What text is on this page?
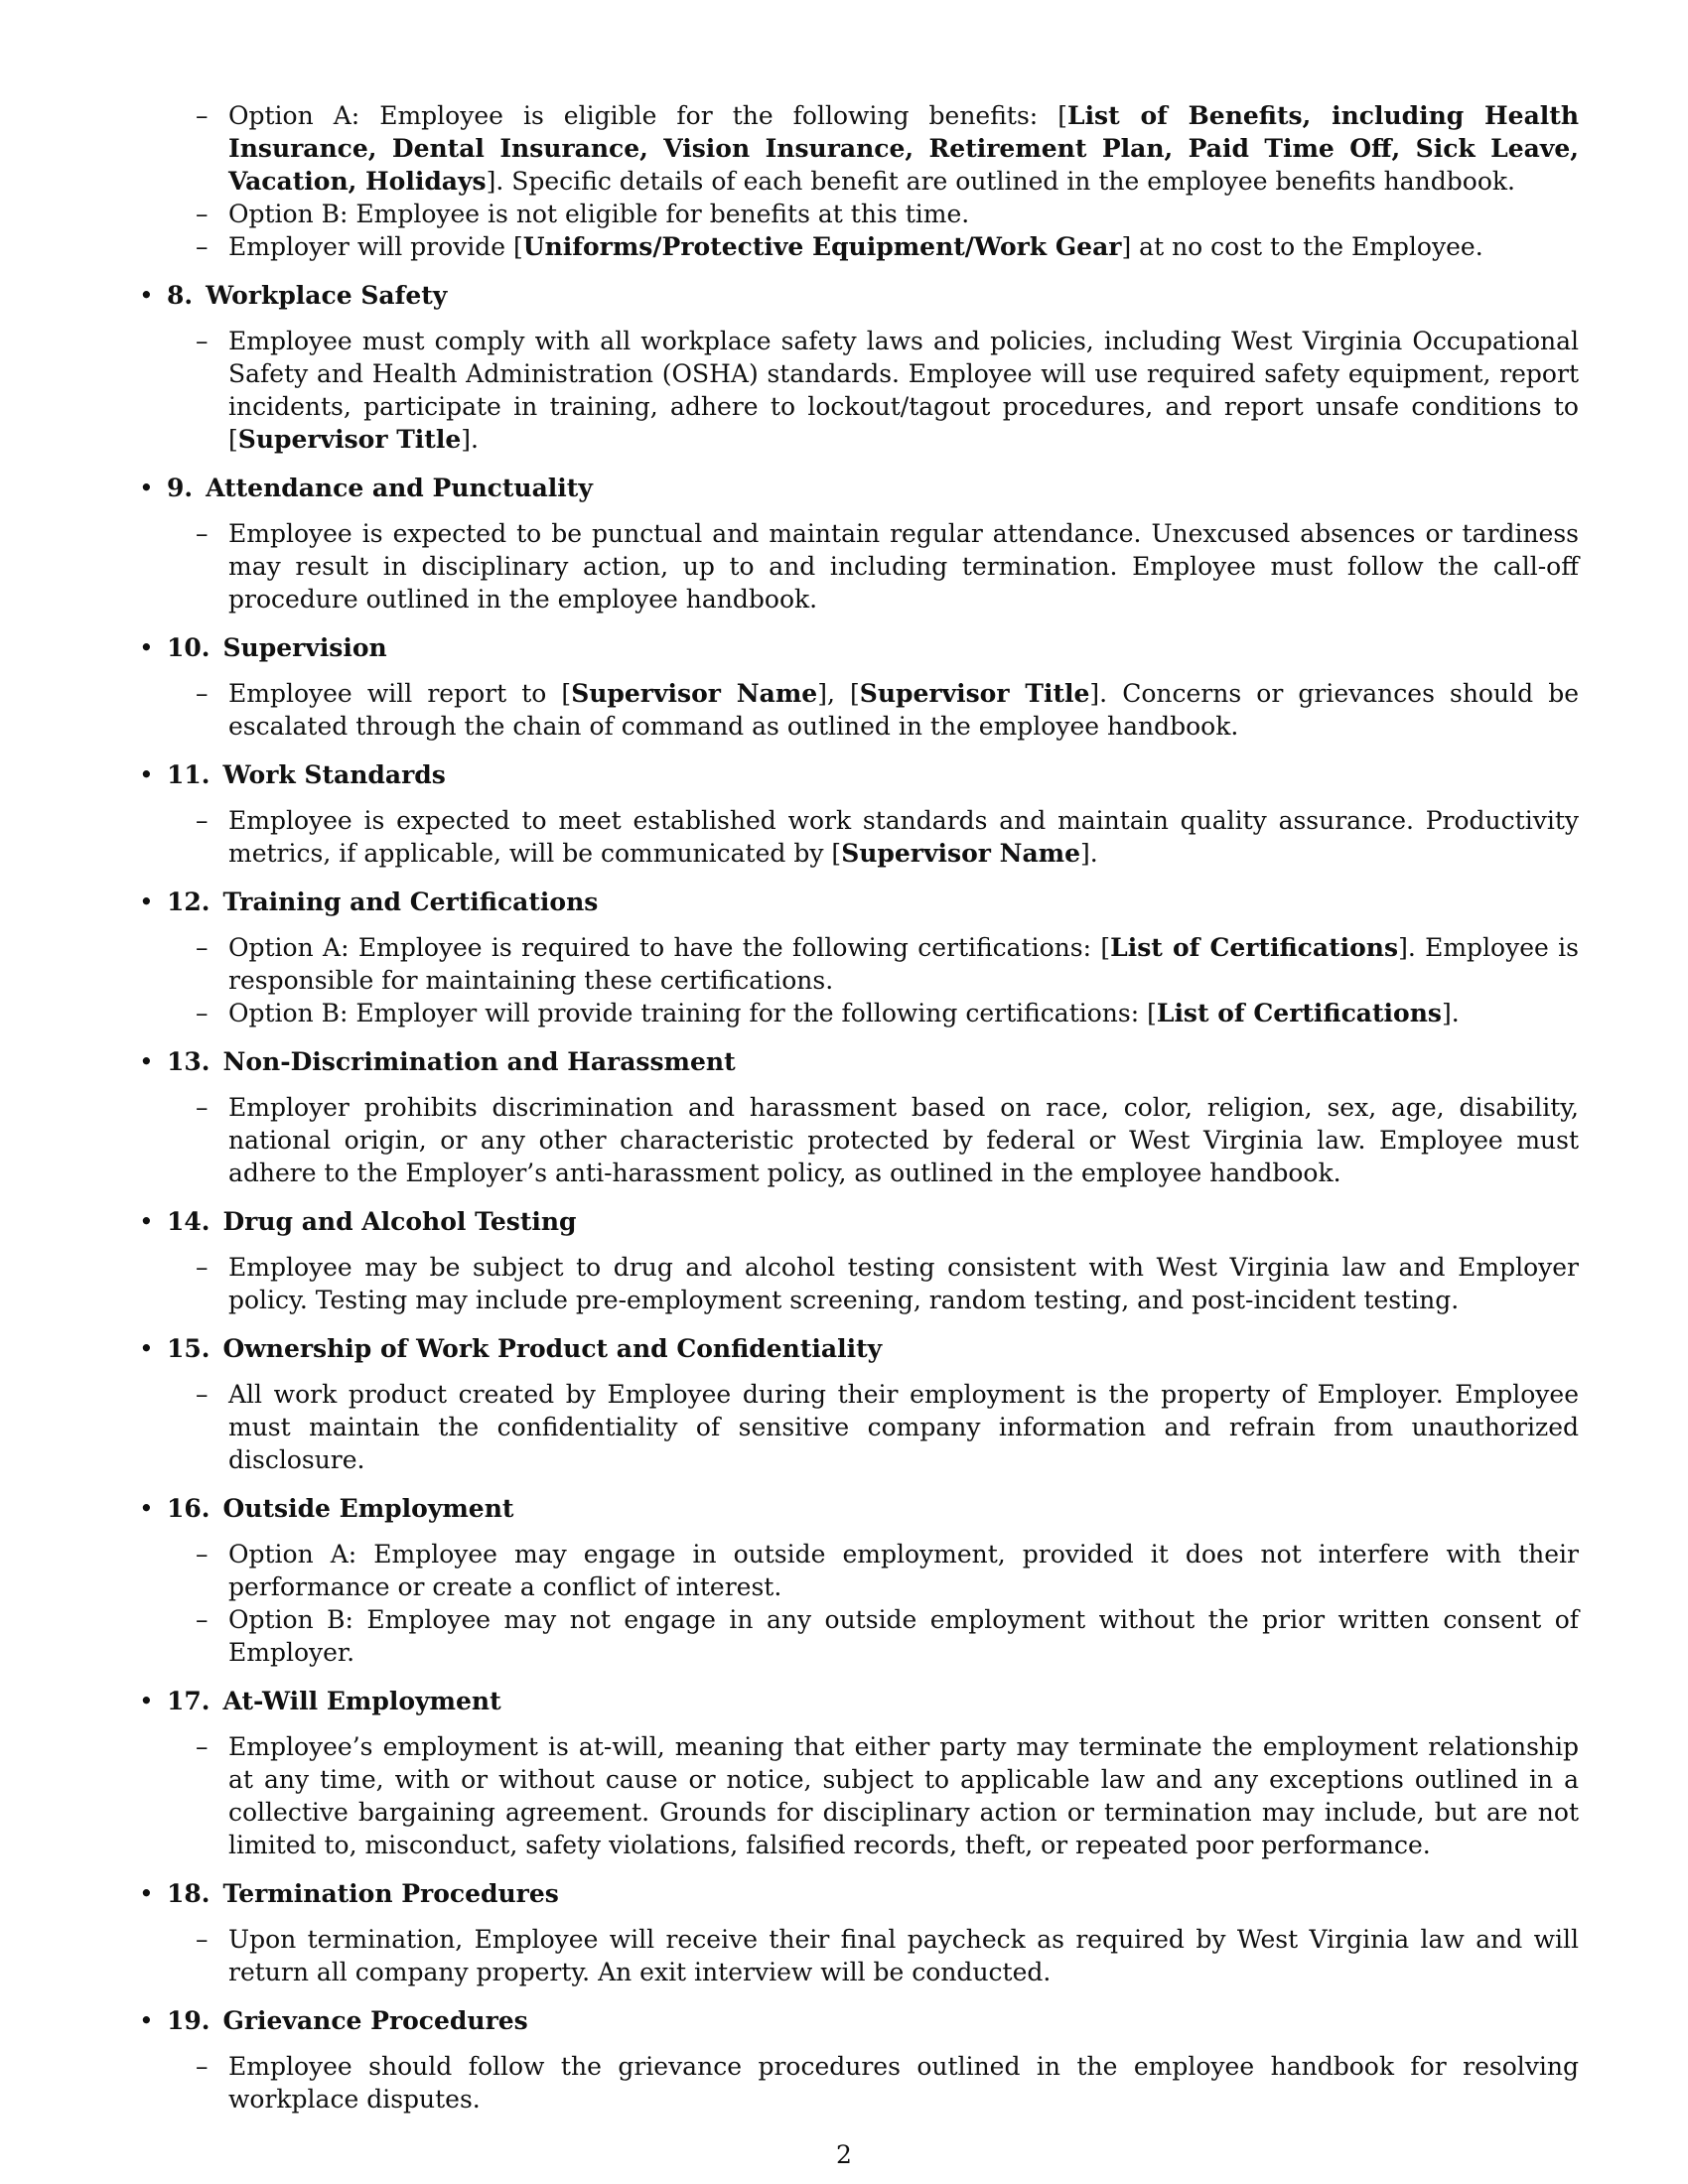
– Option A: Employee is eligible for the following benefits: [List of Benefits, including Health Insurance, Dental Insurance, Vision Insurance, Retirement Plan, Paid Time Off, Sick Leave, Vacation, Holidays]. Specific details of each benefit are outlined in the employee benefits handbook.
– Option B: Employee is not eligible for benefits at this time.
– Employer will provide [Uniforms/Protective Equipment/Work Gear] at no cost to the Employee.
• 8. Workplace Safety
– Employee must comply with all workplace safety laws and policies, including West Virginia Occupational Safety and Health Administration (OSHA) standards. Employee will use required safety equipment, report incidents, participate in training, adhere to lockout/tagout procedures, and report unsafe conditions to [Supervisor Title].
• 9. Attendance and Punctuality
– Employee is expected to be punctual and maintain regular attendance. Unexcused absences or tardiness may result in disciplinary action, up to and including termination. Employee must follow the call-off procedure outlined in the employee handbook.
• 10. Supervision
– Employee will report to [Supervisor Name], [Supervisor Title]. Concerns or grievances should be escalated through the chain of command as outlined in the employee handbook.
• 11. Work Standards
– Employee is expected to meet established work standards and maintain quality assurance. Productivity metrics, if applicable, will be communicated by [Supervisor Name].
• 12. Training and Certifications
– Option A: Employee is required to have the following certifications: [List of Certifications]. Employee is responsible for maintaining these certifications.
– Option B: Employer will provide training for the following certifications: [List of Certifications].
• 13. Non-Discrimination and Harassment
– Employer prohibits discrimination and harassment based on race, color, religion, sex, age, disability, national origin, or any other characteristic protected by federal or West Virginia law. Employee must adhere to the Employer’s anti-harassment policy, as outlined in the employee handbook.
• 14. Drug and Alcohol Testing
– Employee may be subject to drug and alcohol testing consistent with West Virginia law and Employer policy. Testing may include pre-employment screening, random testing, and post-incident testing.
• 15. Ownership of Work Product and Confidentiality
– All work product created by Employee during their employment is the property of Employer. Employee must maintain the confidentiality of sensitive company information and refrain from unauthorized disclosure.
• 16. Outside Employment
– Option A: Employee may engage in outside employment, provided it does not interfere with their performance or create a conflict of interest.
– Option B: Employee may not engage in any outside employment without the prior written consent of Employer.
• 17. At-Will Employment
– Employee’s employment is at-will, meaning that either party may terminate the employment relationship at any time, with or without cause or notice, subject to applicable law and any exceptions outlined in a collective bargaining agreement. Grounds for disciplinary action or termination may include, but are not limited to, misconduct, safety violations, falsified records, theft, or repeated poor performance.
• 18. Termination Procedures
– Upon termination, Employee will receive their final paycheck as required by West Virginia law and will return all company property. An exit interview will be conducted.
• 19. Grievance Procedures
– Employee should follow the grievance procedures outlined in the employee handbook for resolving workplace disputes.
2
